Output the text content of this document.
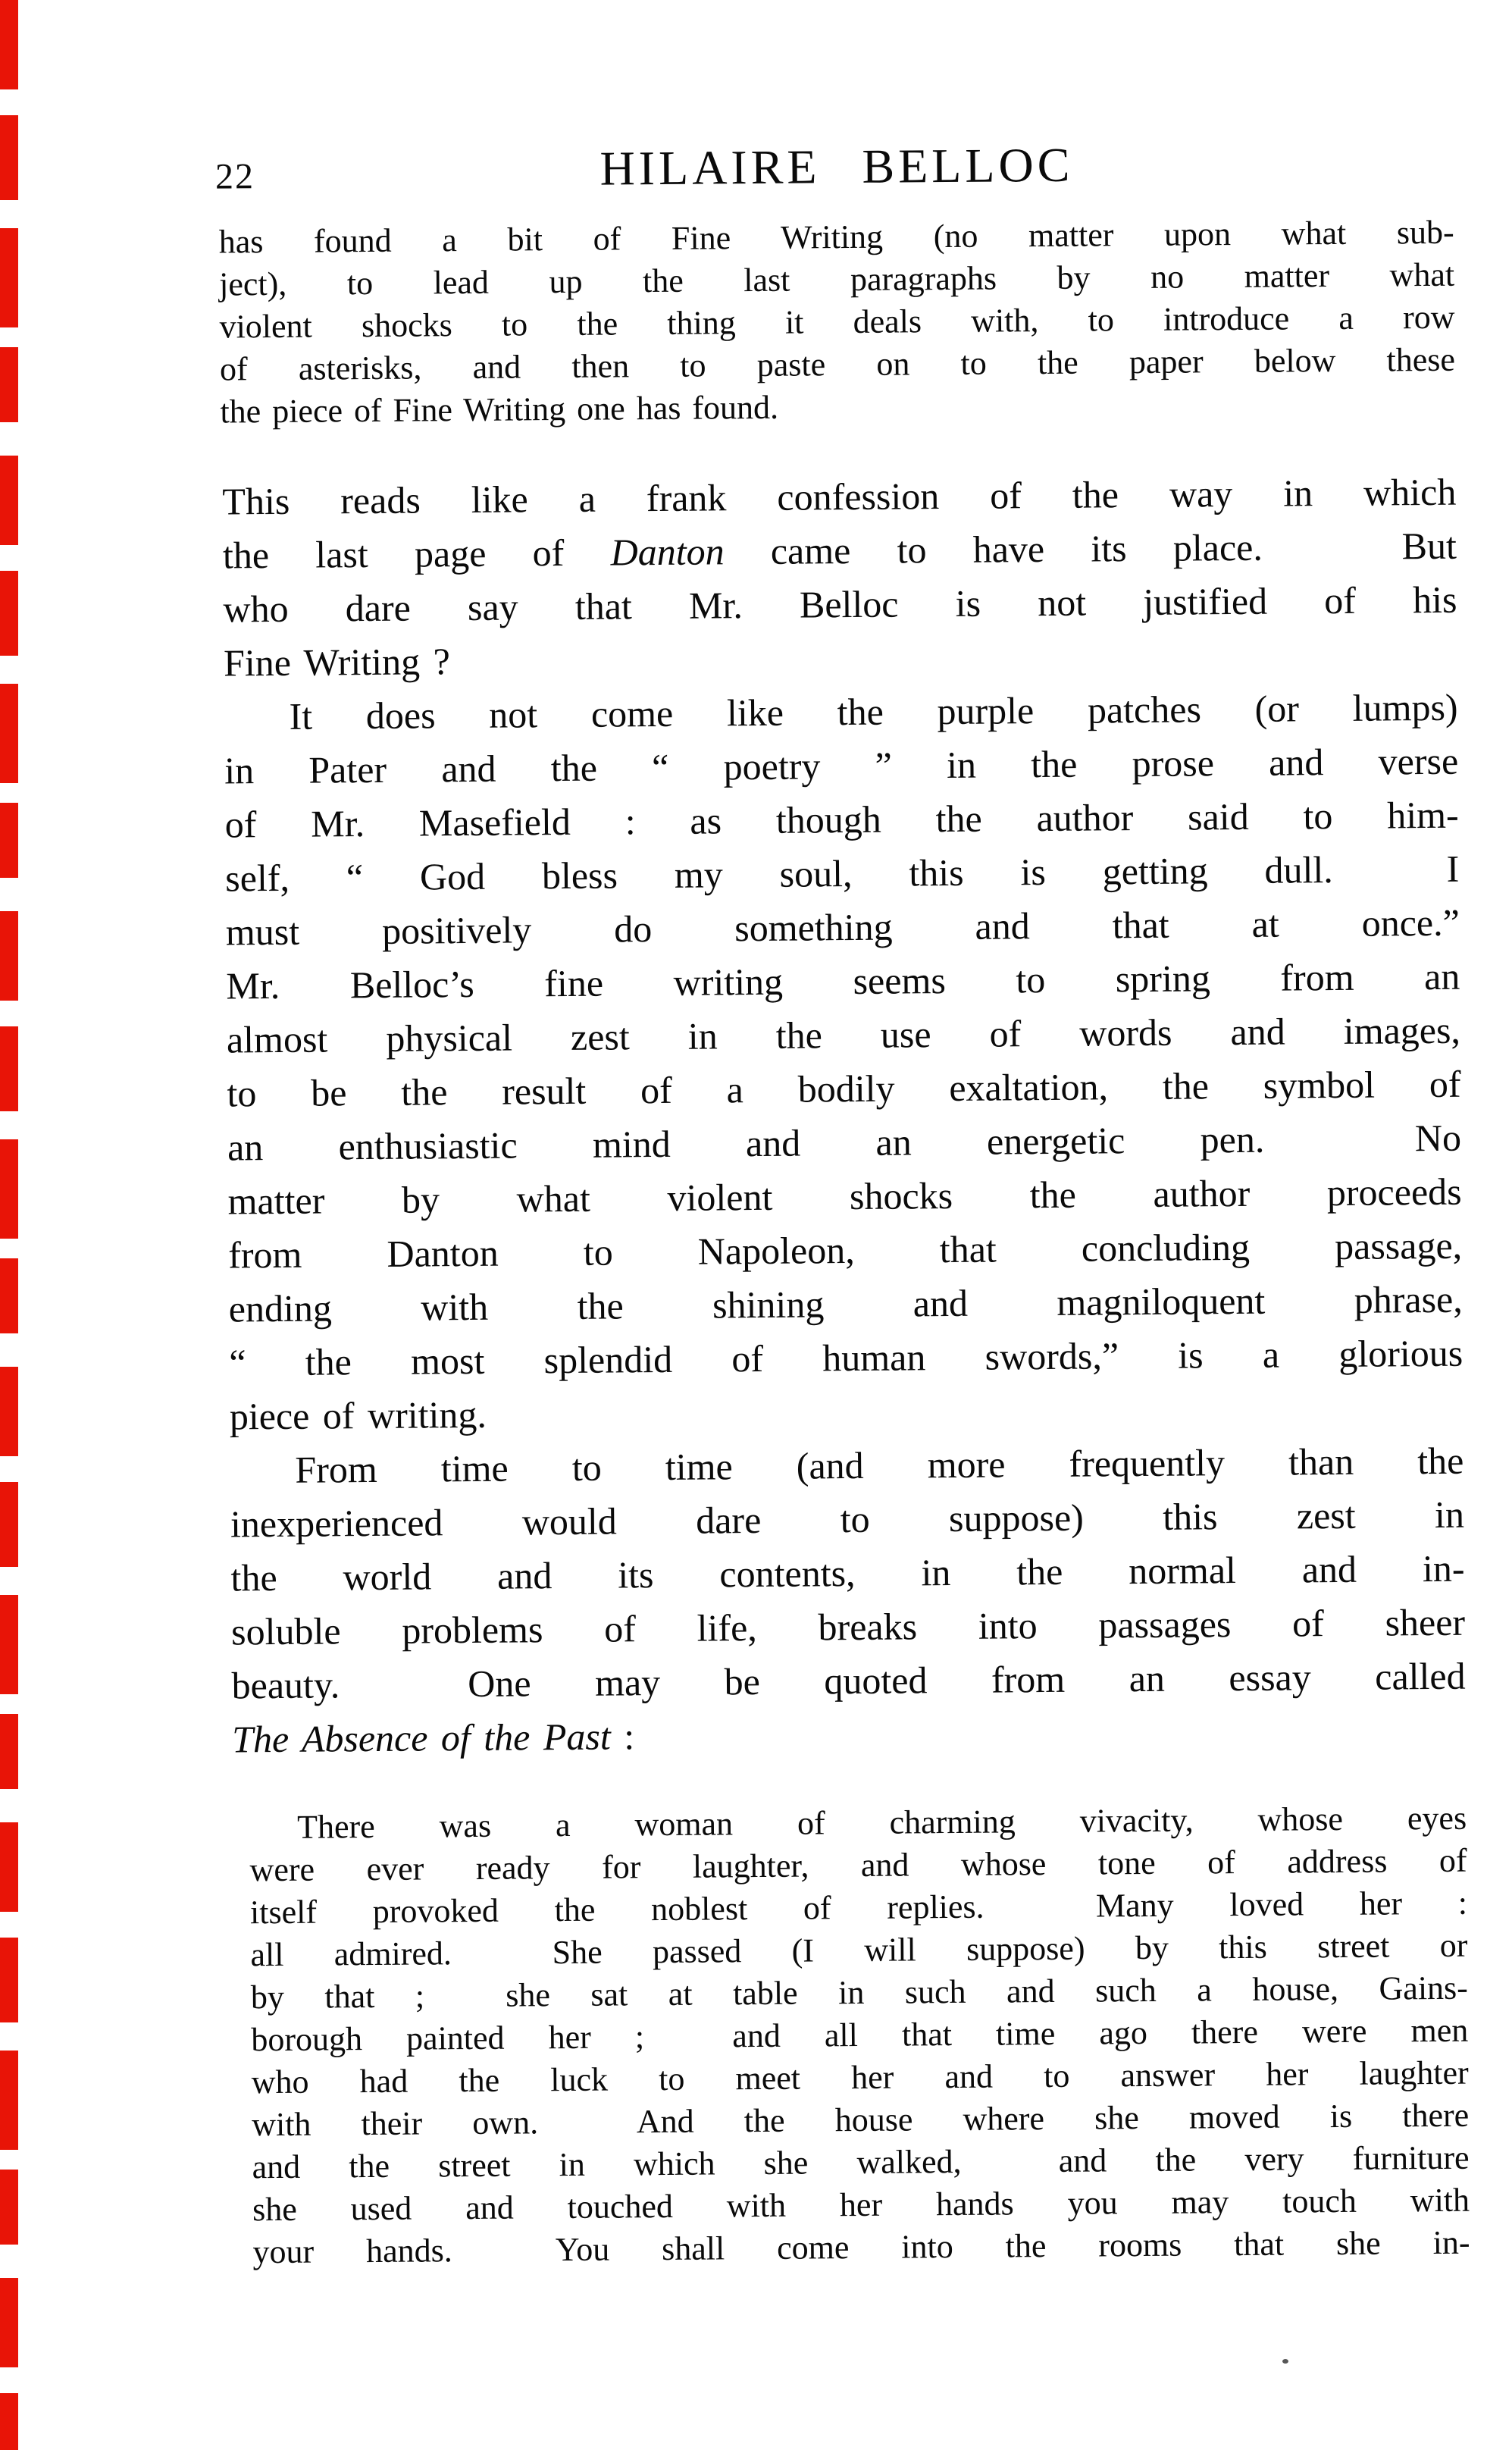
22	HILAIRE BELLOC
has found a bit of Fine Writing (no matter upon what sub-
ject), to lead up the last paragraphs by no matter what
violent shocks to the thing it deals with, to introduce a row
of asterisks, and then to paste on to the paper below these
the piece of Fine Writing one has found.
This reads like a frank confession of the way in which
the last page of Danton came to have its place.   But
who dare say that Mr. Belloc is not justified of his
Fine Writing ?
It does not come like the purple patches (or lumps)
in Pater and the “ poetry ” in the prose and verse
of Mr. Masefield : as though the author said to him-
self, “ God bless my soul, this is getting dull.  I
must positively do something and that at once.”
Mr. Belloc’s fine writing seems to spring from an
almost physical zest in the use of words and images,
to be the result of a bodily exaltation, the symbol of
an enthusiastic mind and an energetic pen.  No
matter by what violent shocks the author proceeds
from Danton to Napoleon, that concluding passage,
ending with the shining and magniloquent phrase,
“ the most splendid of human swords,” is a glorious
piece of writing.
From time to time (and more frequently than the
inexperienced would dare to suppose) this zest in
the world and its contents, in the normal and in-
soluble problems of life, breaks into passages of sheer
beauty.  One may be quoted from an essay called
The Absence of the Past :
There was a woman of charming vivacity, whose eyes
were ever ready for laughter, and whose tone of address of
itself provoked the noblest of replies.  Many loved her :
all admired.  She passed (I will suppose) by this street or
by that ;  she sat at table in such and such a house, Gains-
borough painted her ;  and all that time ago there were men
who had the luck to meet her and to answer her laughter
with their own.  And the house where she moved is there
and the street in which she walked,  and the very furniture
she used and touched with her hands you may touch with
your hands.  You shall come into the rooms that she in-
